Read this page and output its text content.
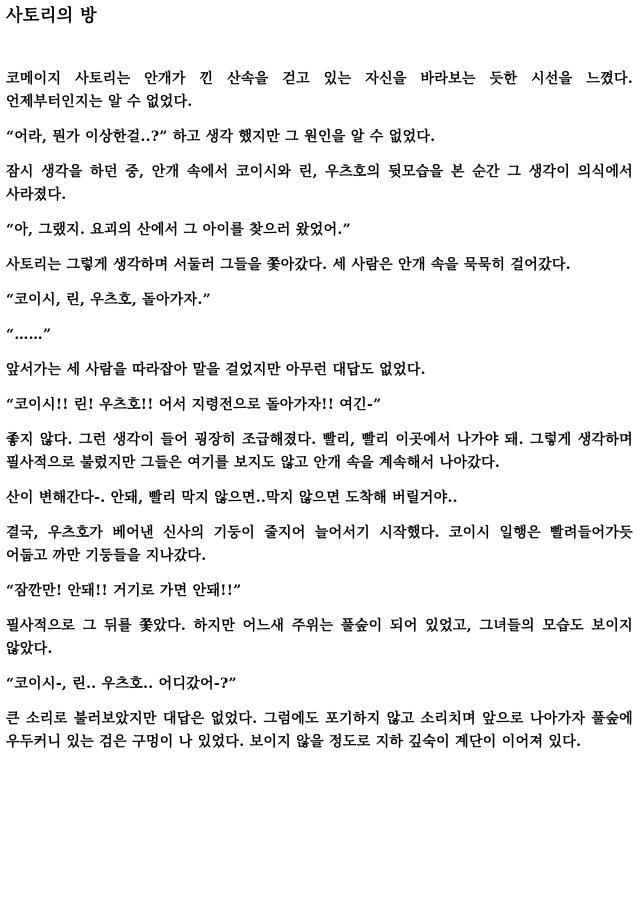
사토리의 방

코메이지 사토리는 안개가 낀 산속을 걷고 있는 자신을 바라보는 듯한 시선을 느꼈다. 언제부터인지는 알 수 없었다.

“어라, 뭔가 이상한걸..?” 하고 생각 했지만 그 원인을 알 수 없었다.

잠시 생각을 하던 중, 안개 속에서 코이시와 린, 우츠호의 뒷모습을 본 순간 그 생각이 의식에서 사라졌다.

“아, 그랬지. 요괴의 산에서 그 아이를 찾으러 왔었어.”

사토리는 그렇게 생각하며 서둘러 그들을 쫓아갔다. 세 사람은 안개 속을 묵묵히 걸어갔다.

“코이시, 린, 우츠호, 돌아가자.”

“……”

앞서가는 세 사람을 따라잡아 말을 걸었지만 아무런 대답도 없었다.

“코이시!! 린! 우츠호!! 어서 지령전으로 돌아가자!! 여긴-”

좋지 않다. 그런 생각이 들어 굉장히 조급해졌다. 빨리, 빨리 이곳에서 나가야 돼. 그렇게 생각하며 필사적으로 불렀지만 그들은 여기를 보지도 않고 안개 속을 계속해서 나아갔다.

산이 변해간다-. 안돼, 빨리 막지 않으면..막지 않으면 도착해 버릴거야..

결국, 우츠호가 베어낸 신사의 기둥이 줄지어 늘어서기 시작했다. 코이시 일행은 빨려들어가듯 어둡고 까만 기둥들을 지나갔다.

“잠깐만! 안돼!! 거기로 가면 안돼!!”

필사적으로 그 뒤를 쫓았다. 하지만 어느새 주위는 풀숲이 되어 있었고, 그녀들의 모습도 보이지 않았다.

“코이시-, 린.. 우츠호.. 어디갔어-?”

큰 소리로 불러보았지만 대답은 없었다. 그럼에도 포기하지 않고 소리치며 앞으로 나아가자 풀숲에 우두커니 있는 검은 구멍이 나 있었다. 보이지 않을 정도로 지하 깊숙이 계단이 이어져 있다.
